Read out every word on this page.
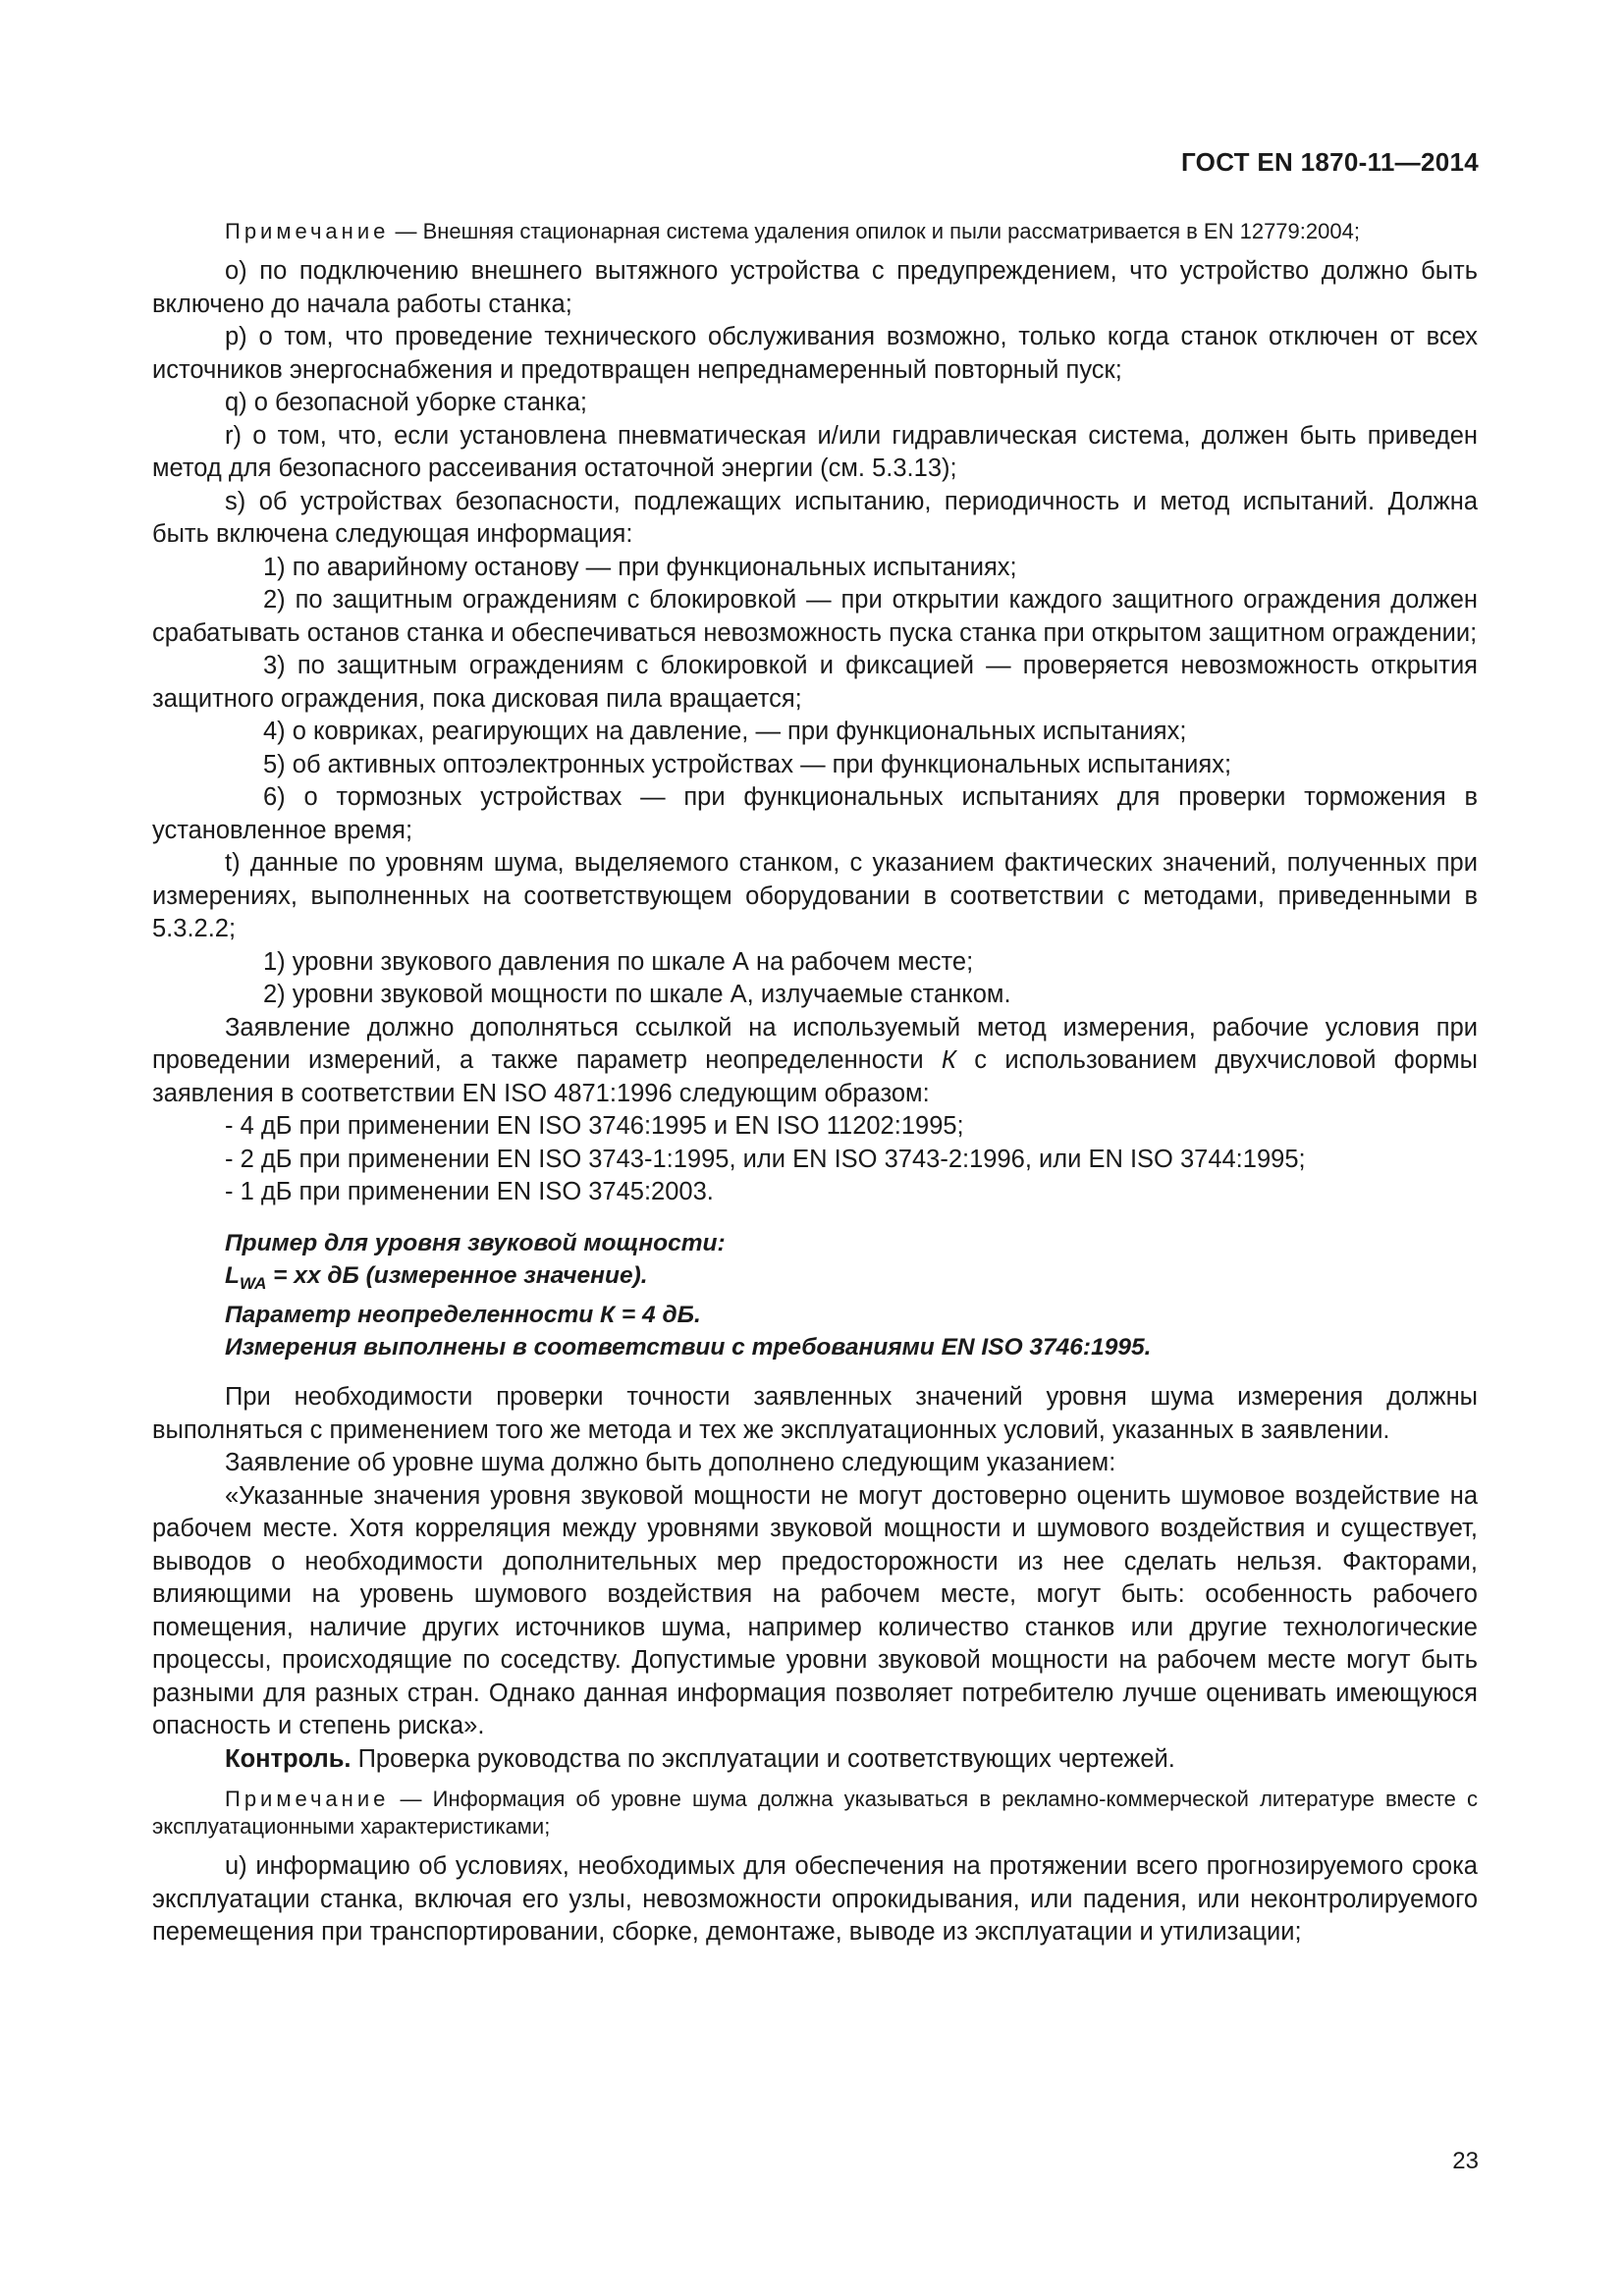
ГОСТ EN 1870-11—2014

Примечание — Внешняя стационарная система удаления опилок и пыли рассматривается в EN 12779:2004;

o) по подключению внешнего вытяжного устройства с предупреждением, что устройство должно быть включено до начала работы станка;

p) о том, что проведение технического обслуживания возможно, только когда станок отключен от всех источников энергоснабжения и предотвращен непреднамеренный повторный пуск;

q) о безопасной уборке станка;

r) о том, что, если установлена пневматическая и/или гидравлическая система, должен быть приведен метод для безопасного рассеивания остаточной энергии (см. 5.3.13);

s) об устройствах безопасности, подлежащих испытанию, периодичность и метод испытаний. Должна быть включена следующая информация:

1) по аварийному останову — при функциональных испытаниях;

2) по защитным ограждениям с блокировкой — при открытии каждого защитного ограждения должен срабатывать останов станка и обеспечиваться невозможность пуска станка при открытом защитном ограждении;

3) по защитным ограждениям с блокировкой и фиксацией — проверяется невозможность открытия защитного ограждения, пока дисковая пила вращается;

4) о ковриках, реагирующих на давление, — при функциональных испытаниях;

5) об активных оптоэлектронных устройствах — при функциональных испытаниях;

6) о тормозных устройствах — при функциональных испытаниях для проверки торможения в установленное время;

t) данные по уровням шума, выделяемого станком, с указанием фактических значений, полученных при измерениях, выполненных на соответствующем оборудовании в соответствии с методами, приведенными в 5.3.2.2;

1) уровни звукового давления по шкале А на рабочем месте;

2) уровни звуковой мощности по шкале А, излучаемые станком.

Заявление должно дополняться ссылкой на используемый метод измерения, рабочие условия при проведении измерений, а также параметр неопределенности К с использованием двухчисловой формы заявления в соответствии EN ISO 4871:1996 следующим образом:

- 4 дБ при применении EN ISO 3746:1995 и EN ISO 11202:1995;

- 2 дБ при применении EN ISO 3743-1:1995, или EN ISO 3743-2:1996, или EN ISO 3744:1995;

- 1 дБ при применении EN ISO 3745:2003.

Пример для уровня звуковой мощности:

$L_{WA}$ = хх дБ (измеренное значение).

Параметр неопределенности К = 4 дБ.

Измерения выполнены в соответствии с требованиями EN ISO 3746:1995.

При необходимости проверки точности заявленных значений уровня шума измерения должны выполняться с применением того же метода и тех же эксплуатационных условий, указанных в заявлении.

Заявление об уровне шума должно быть дополнено следующим указанием:

«Указанные значения уровня звуковой мощности не могут достоверно оценить шумовое воздействие на рабочем месте. Хотя корреляция между уровнями звуковой мощности и шумового воздействия и существует, выводов о необходимости дополнительных мер предосторожности из нее сделать нельзя. Факторами, влияющими на уровень шумового воздействия на рабочем месте, могут быть: особенность рабочего помещения, наличие других источников шума, например количество станков или другие технологические процессы, происходящие по соседству. Допустимые уровни звуковой мощности на рабочем месте могут быть разными для разных стран. Однако данная информация позволяет потребителю лучше оценивать имеющуюся опасность и степень риска».

Контроль. Проверка руководства по эксплуатации и соответствующих чертежей.

Примечание — Информация об уровне шума должна указываться в рекламно-коммерческой литературе вместе с эксплуатационными характеристиками;

u) информацию об условиях, необходимых для обеспечения на протяжении всего прогнозируемого срока эксплуатации станка, включая его узлы, невозможности опрокидывания, или падения, или неконтролируемого перемещения при транспортировании, сборке, демонтаже, выводе из эксплуатации и утилизации;

23
